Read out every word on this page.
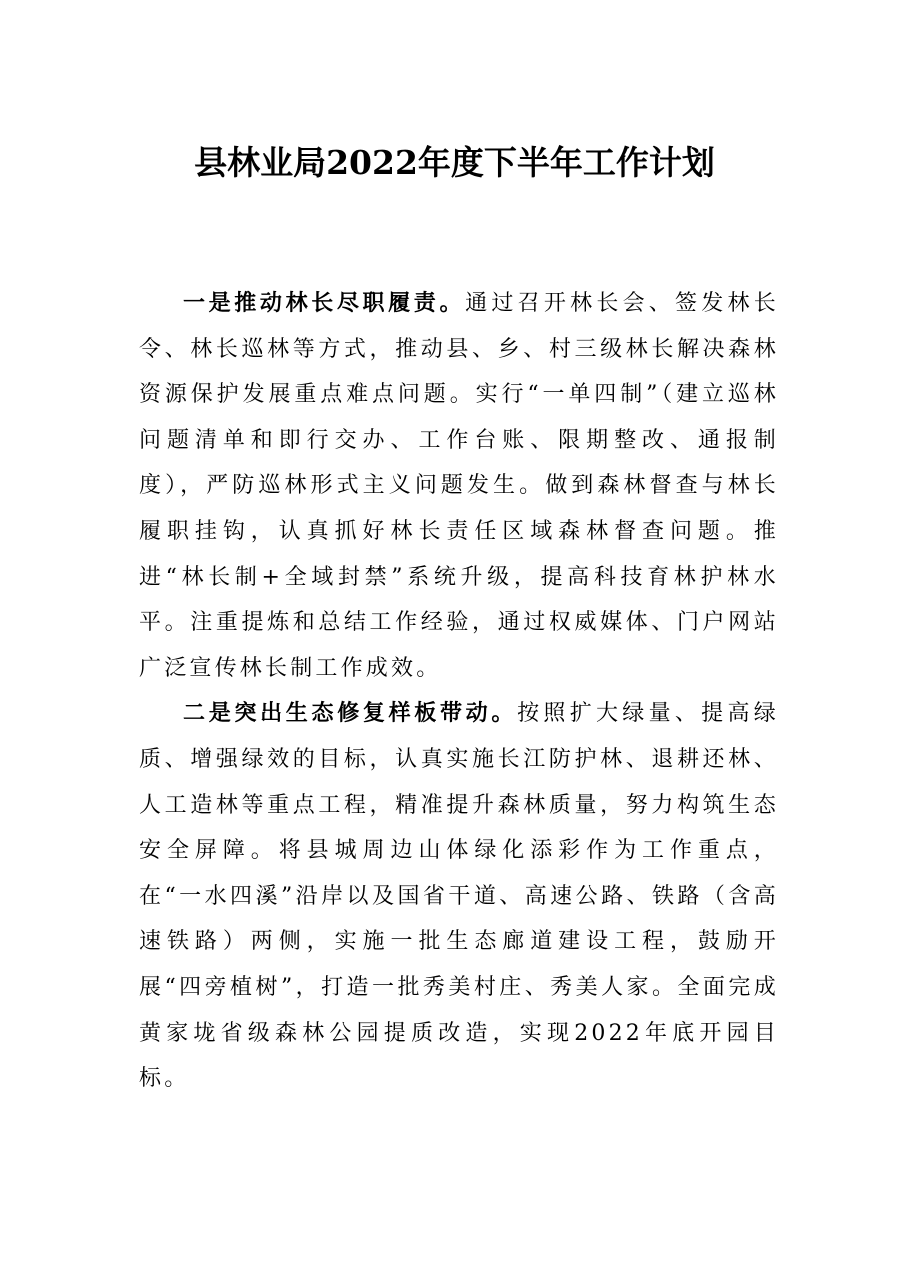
县林业局2022年度下半年工作计划

一是推动林长尽职履责。通过召开林长会、签发林长令、林长巡林等方式，推动县、乡、村三级林长解决森林资源保护发展重点难点问题。实行“一单四制”（建立巡林问题清单和即行交办、工作台账、限期整改、通报制度），严防巡林形式主义问题发生。做到森林督查与林长履职挂钩，认真抓好林长责任区域森林督查问题。推进“林长制+全域封禁”系统升级，提高科技育林护林水平。注重提炼和总结工作经验，通过权威媒体、门户网站广泛宣传林长制工作成效。

二是突出生态修复样板带动。按照扩大绿量、提高绿质、增强绿效的目标，认真实施长江防护林、退耕还林、人工造林等重点工程，精准提升森林质量，努力构筑生态安全屏障。将县城周边山体绿化添彩作为工作重点，在“一水四溪”沿岸以及国省干道、高速公路、铁路（含高速铁路）两侧，实施一批生态廊道建设工程，鼓励开展“四旁植树”，打造一批秀美村庄、秀美人家。全面完成黄家垅省级森林公园提质改造，实现2022年底开园目标。
